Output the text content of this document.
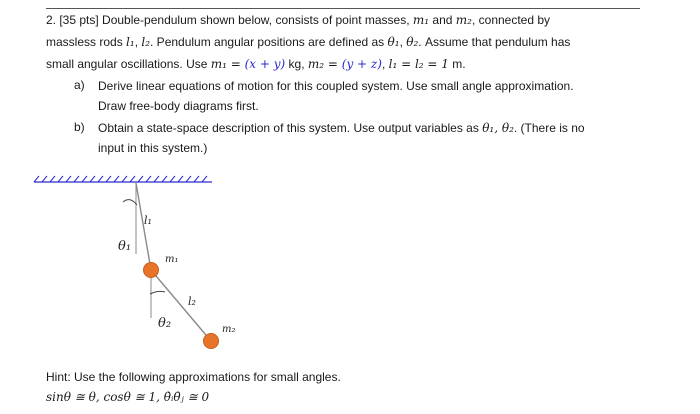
2. [35 pts] Double-pendulum shown below, consists of point masses, m₁ and m₂, connected by
massless rods l₁, l₂. Pendulum angular positions are defined as θ₁, θ₂. Assume that pendulum has
small angular oscillations. Use m₁ = (x + y) kg, m₂ = (y + z), l₁ = l₂ = 1 m.
a) Derive linear equations of motion for this coupled system. Use small angle approximation.
Draw free-body diagrams first.
b) Obtain a state-space description of this system. Use output variables as θ₁, θ₂. (There is no
input in this system.)
l₁
θ₁
m₁
l₂
θ₂	m₂
Hint: Use the following approximations for small angles.
sinθ ≅ θ, cosθ ≅ 1, θ̇ᵢθ̇ⱼ ≅ 0
